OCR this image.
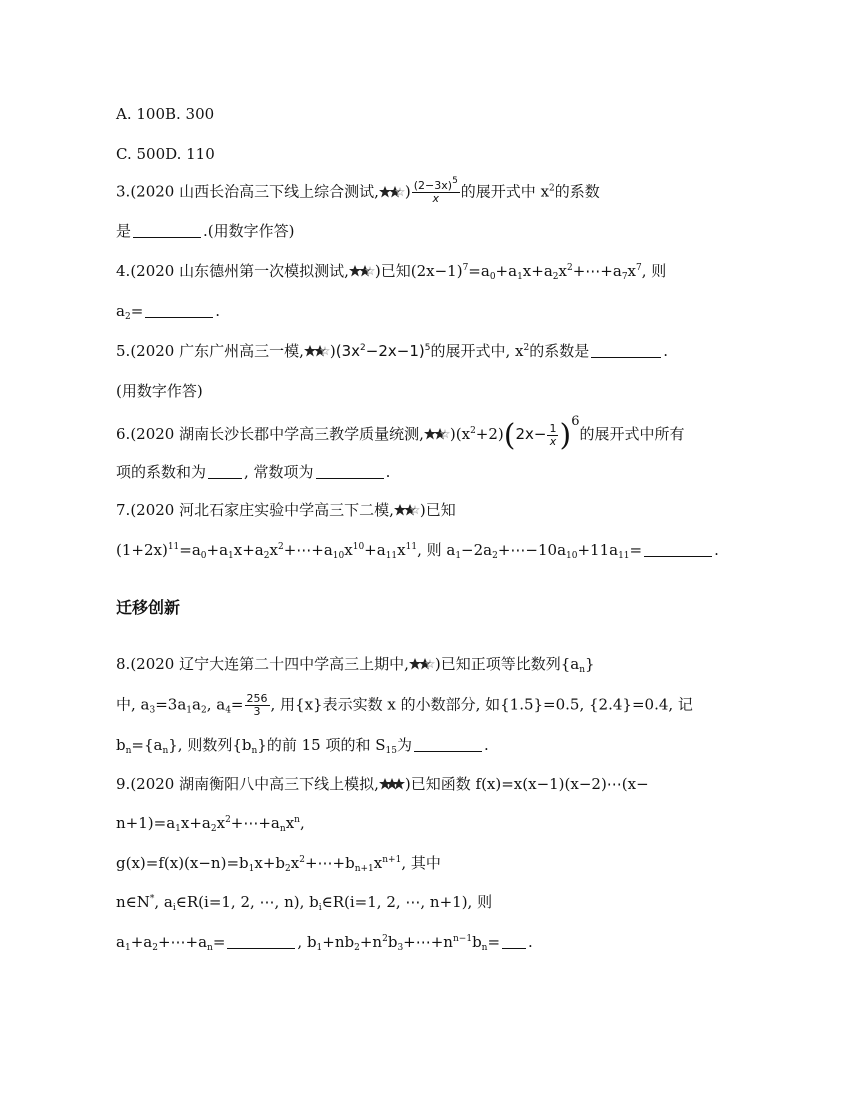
A. 100B. 300
C. 500D. 110
3.(2020 山西长治高三下线上综合测试, ) $\frac{(2-3x)^5}{x}$ 的展开式中 $x^2$的系数
是	.(用数字作答)
4.(2020 山东德州第一次模拟测试, )已知$(2x-1)^7=a_0+a_1x+a_2x^2+\cdots+a_7x^7$, 则
$a_2=$	.
5.(2020 广东广州高三一模, )$(3x^2-2x-1)^5$的展开式中, $x^2$的系数是	.
(用数字作答)
6.(2020 湖南长沙长郡中学高三教学质量统测, )$(x^2+2)(2x- \frac{1}{x} )6$的展开式中所有
项的系数和为	, 常数项为	.
7.(2020 河北石家庄实验中学高三下二模, )已知
$(1+2x)^{11}=a_0+a_1x+a_2x^2+\cdots+a_{10}x^{10}+a_{11}x^{11}$, 则 $a_1-2a_2+\cdots-10a_{10}+11a_{11}=$	.
迁移创新
8.(2020 辽宁大连第二十四中学高三上期中, )已知正项等比数列$\{a_n\}$
中, $a_3=3a_1a_2$, $a_4= \frac{256}{3}$ , 用{x}表示实数 x 的小数部分, 如{1.5}=0.5, {2.4}=0.4, 记
$b_n=\{a_n\}$, 则数列$\{b_n\}$的前 15 项的和 $S_{15}$为	.
9.(2020 湖南衡阳八中高三下线上模拟, )已知函数 f(x)=x(x−1)(x−2)⋯(x−
$n+1)=a_1x+a_2x^2+\cdots+a_nx^n$,
$g(x)=f(x)(x-n)=b_1x+b_2x^2+\cdots+b_{n+1}x^{n+1}$, 其中
n∈N*, $a_i\in R(i=1$, 2, ⋯, n), $b_i\in R(i=1$, 2, ⋯, n+1), 则
$a_1+a_2+\cdots+a_n=$	, $b_1+nb_2+n^2b_3+\cdots+n^{n-1}b_n=$ .
